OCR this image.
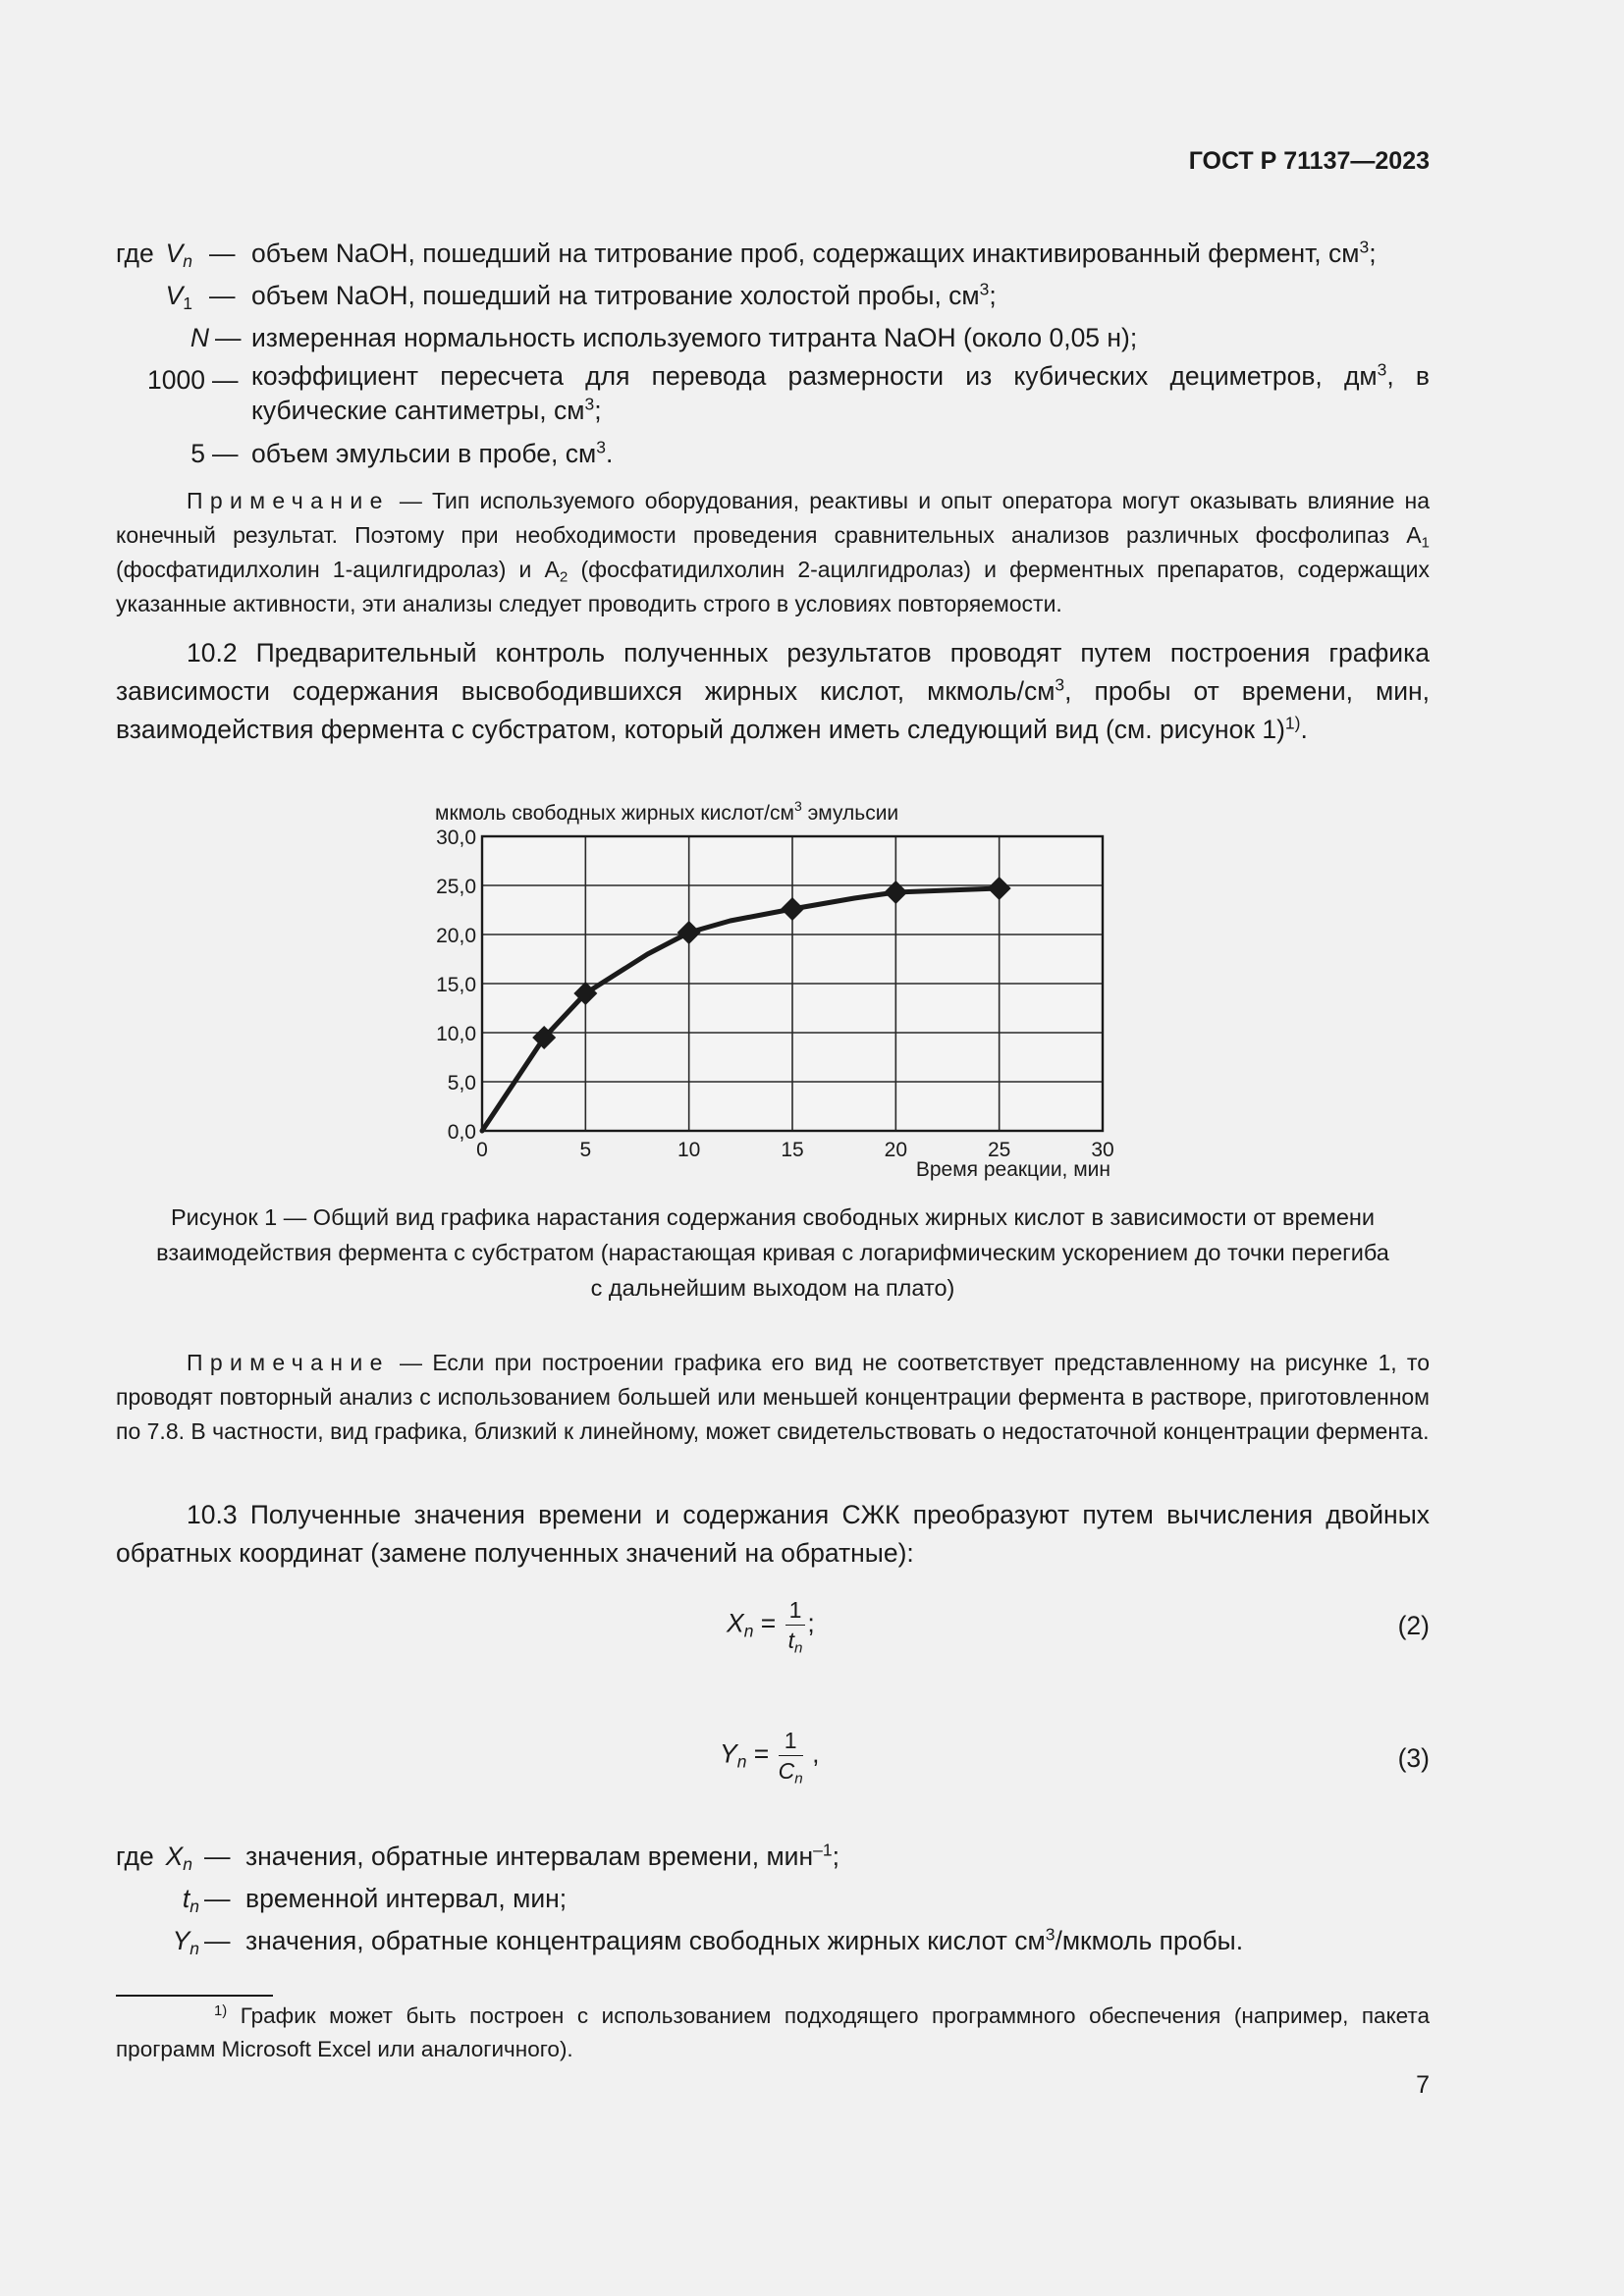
ГОСТ Р 71137—2023
где $V_n$ — объем NaOH, пошедший на титрование проб, содержащих инактивированный фермент, $см^3$;
$V_1$ — объем NaOH, пошедший на титрование холостой пробы, $см^3$;
N — измеренная нормальность используемого титранта NaOH (около 0,05 н);
1000 — коэффициент пересчета для перевода размерности из кубических дециметров, $дм^3$, в
кубические сантиметры, $см^3$;
5 — объем эмульсии в пробе, $см^3$.
Примечание — Тип используемого оборудования, реактивы и опыт оператора могут оказывать влияние на конечный результат. Поэтому при необходимости проведения сравнительных анализов различных фосфолипаз $А_1$ (фосфатидилхолин 1-ацилгидролаз) и $А_2$ (фосфатидилхолин 2-ацилгидролаз) и ферментных препаратов, содержащих указанные активности, эти анализы следует проводить строго в условиях повторяемости.
10.2 Предварительный контроль полученных результатов проводят путем построения графика зависимости содержания высвободившихся жирных кислот, мкмоль/$см^3$, пробы от времени, мин, взаимодействия фермента с субстратом, который должен иметь следующий вид (см. рисунок 1)$^{1)}$.
0,0
5,0
10,0
15,0
20,0
25,0
30,0
0	5	10	15	20	25	30
мкмоль свободных жирных кислот/$см^3$ эмульсии
Время реакции, мин
Рисунок 1 — Общий вид графика нарастания содержания свободных жирных кислот в зависимости от времени
взаимодействия фермента с субстратом (нарастающая кривая с логарифмическим ускорением до точки перегиба
с дальнейшим выходом на плато)
Примечание — Если при построении графика его вид не соответствует представленному на рисунке 1, то проводят повторный анализ с использованием большей или меньшей концентрации фермента в растворе, приготовленном по 7.8. В частности, вид графика, близкий к линейному, может свидетельствовать о недостаточной концентрации фермента.
10.3 Полученные значения времени и содержания СЖК преобразуют путем вычисления двойных обратных координат (замене полученных значений на обратные):
$X_n = \frac{1}{t_n}$ ;	(2)
$Y_n = \frac{1}{C_n}$ ,	(3)
где $X_n$ — значения, обратные интервалам времени, мин$^{-1}$;
$t_n$ — временной интервал, мин;
$Y_n$ — значения, обратные концентрациям свободных жирных кислот $см^3$/мкмоль пробы.
$^{1)}$ График может быть построен с использованием подходящего программного обеспечения (например, пакета программ Microsoft Excel или аналогичного).
7
